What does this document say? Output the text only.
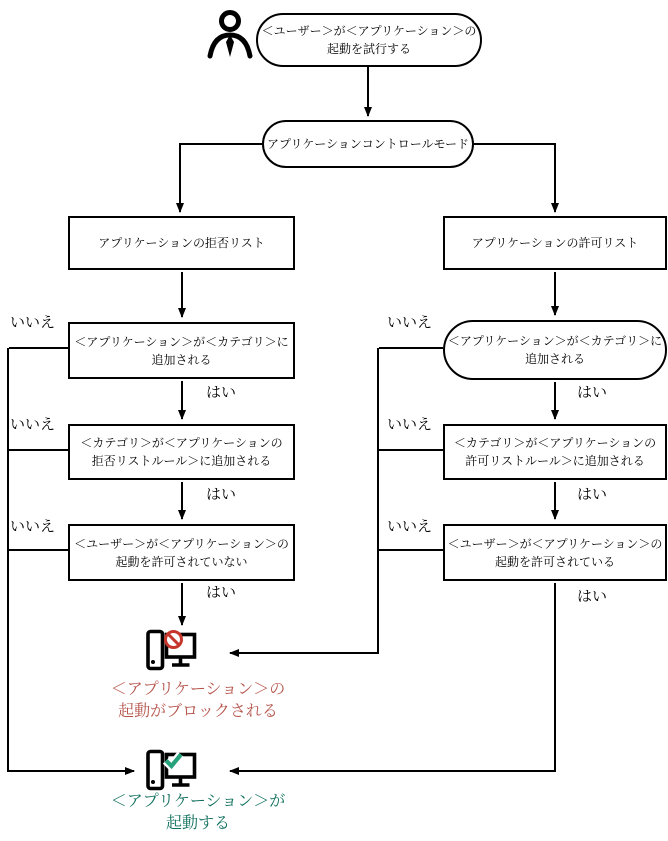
＜ユーザー＞が＜アプリケーション＞の
起動を試行する
アプリケーションコントロールモード
アプリケーションの拒否リスト	アプリケーションの許可リスト
＜アプリケーション＞が＜カテゴリ＞に
追加される
＜アプリケーション＞が＜カテゴリ＞に
追加される
＜カテゴリ＞が＜アプリケーションの
拒否リストルール＞に追加される
＜カテゴリ＞が＜アプリケーションの
許可リストルール＞に追加される
＜ユーザー＞が＜アプリケーション＞の
起動を許可されていない
＜ユーザー＞が＜アプリケーション＞の
起動を許可されている
はい
はい
はい
はい
はい
はい
いいえ
いいえ
いいえ
いいえ
いいえ
いいえ
＜アプリケーション＞の
起動がブロックされる
＜アプリケーション＞が
起動する
